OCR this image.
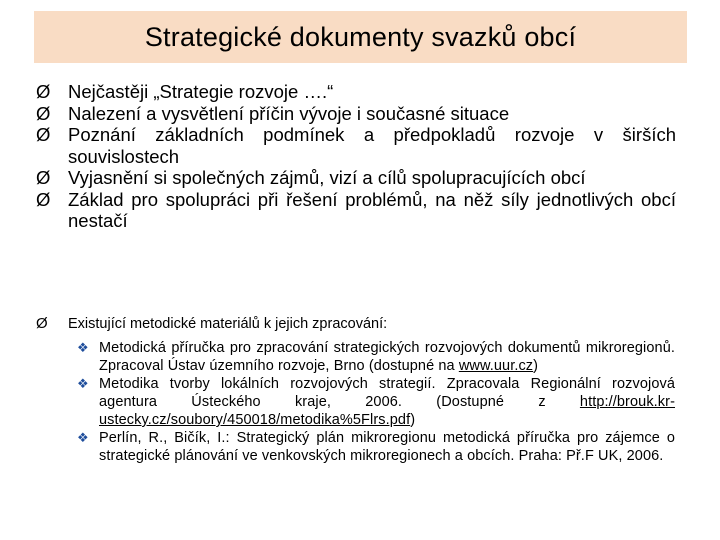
Strategické dokumenty svazků obcí
Ø Nejčastěji „Strategie rozvoje ….“
Ø Nalezení a vysvětlení příčin vývoje i současné situace
Ø Poznání základních podmínek a předpokladů rozvoje v širších souvislostech
Ø Vyjasnění si společných zájmů, vizí a cílů spolupracujících obcí
Ø Základ pro spolupráci při řešení problémů, na něž síly jednotlivých obcí nestačí
Ø	Existující metodické materiálů k jejich zpracování:
❖ Metodická příručka pro zpracování strategických rozvojových dokumentů mikroregionů. Zpracoval Ústav územního rozvoje, Brno (dostupné na www.uur.cz)
❖ Metodika tvorby lokálních rozvojových strategií. Zpracovala Regionální rozvojová agentura Ústeckého kraje, 2006. (Dostupné z http://brouk.kr-ustecky.cz/soubory/450018/metodika%5Flrs.pdf)
❖ Perlín, R., Bičík, I.: Strategický plán mikroregionu metodická příručka pro zájemce o strategické plánování ve venkovských mikroregionech a obcích. Praha: Př.F UK, 2006.
